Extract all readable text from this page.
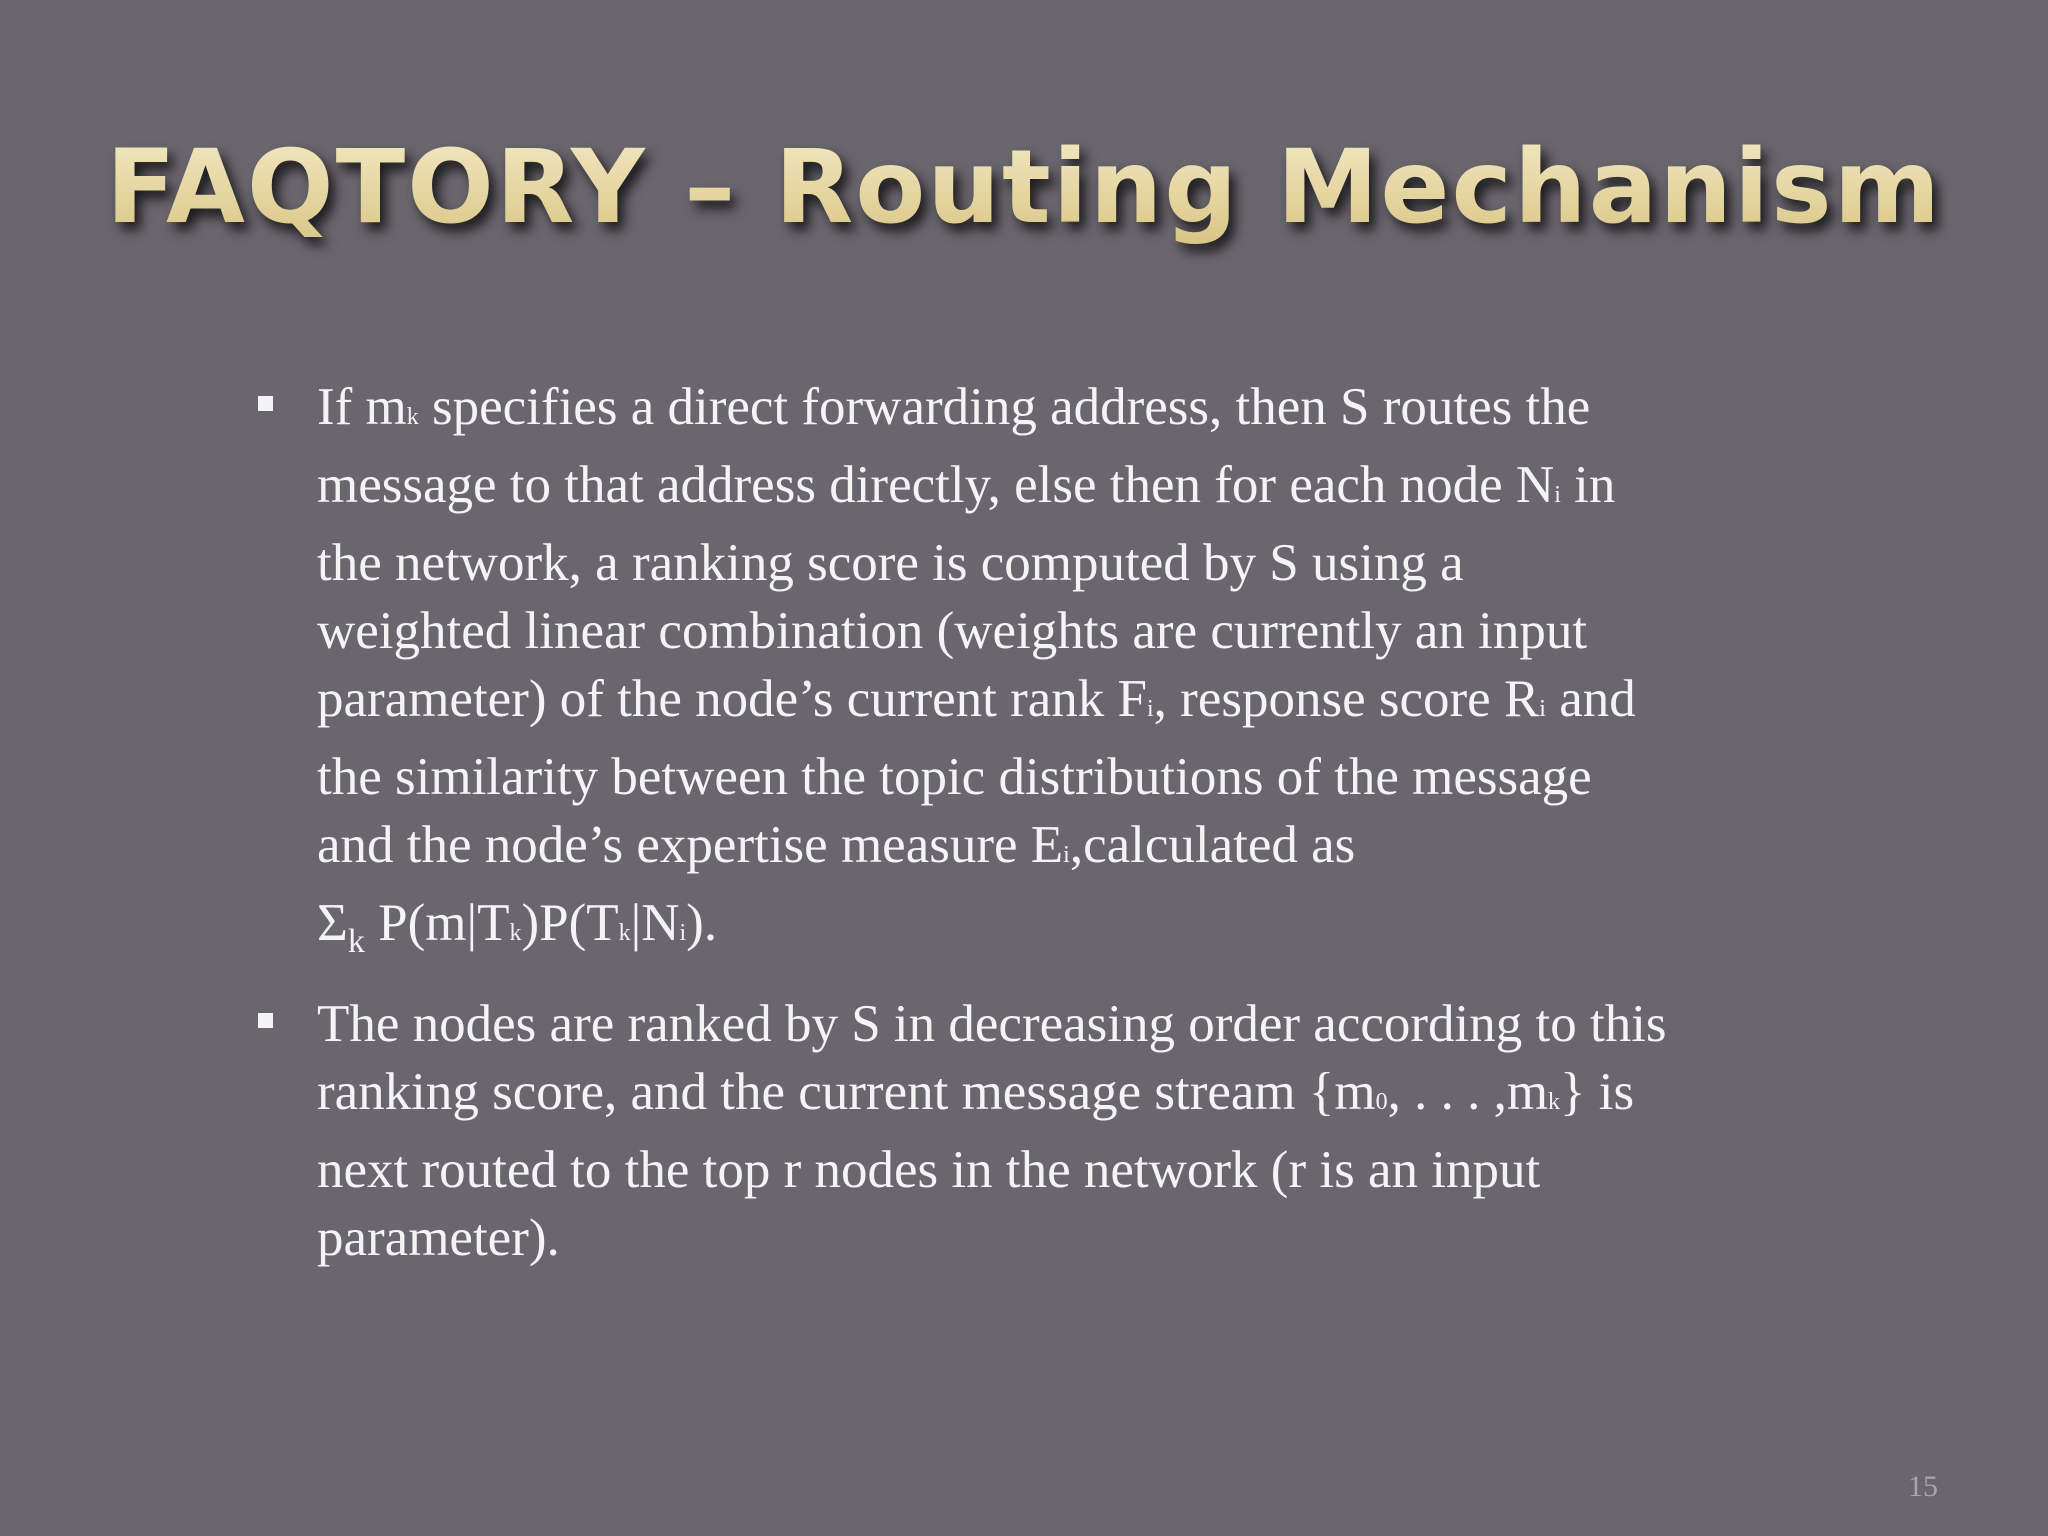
FAQTORY – Routing Mechanism
If mk specifies a direct forwarding address, then S routes the
message to that address directly, else then for each node Ni in
the network, a ranking score is computed by S using a
weighted linear combination (weights are currently an input
parameter) of the node’s current rank Fi, response score Ri and
the similarity between the topic distributions of the message
and the node’s expertise measure Ei,calculated as
$\Sigma_k$ P(m|Tk)P(Tk|Ni).
The nodes are ranked by S in decreasing order according to this
ranking score, and the current message stream {m0, . . . ,mk} is
next routed to the top r nodes in the network (r is an input
parameter).
15
